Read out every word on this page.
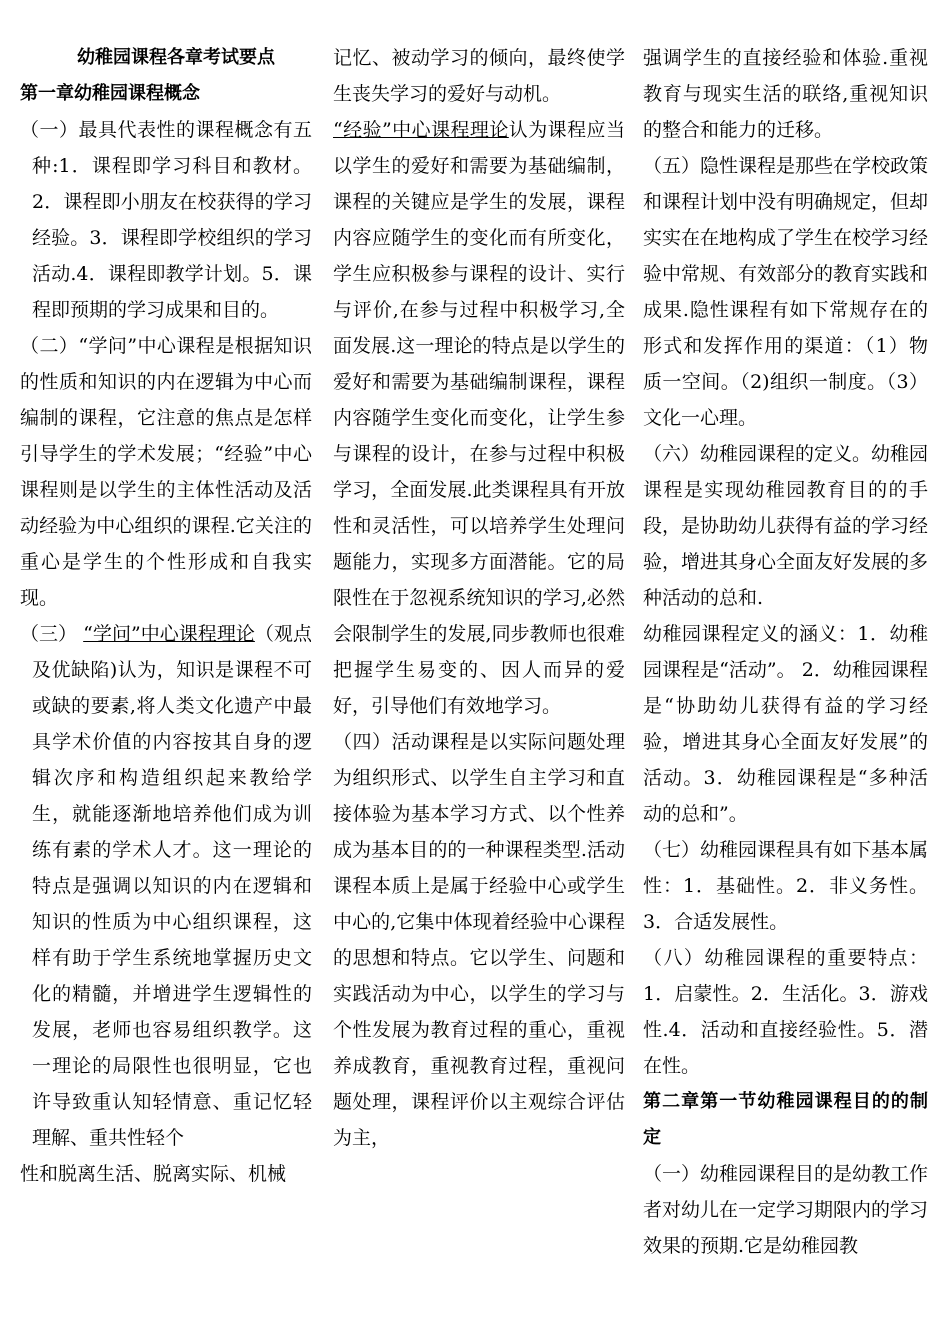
幼稚园课程各章考试要点

第一章幼稚园课程概念

（一）最具代表性的课程概念有五种:1．课程即学习科目和教材。2．课程即小朋友在校获得的学习经验。3．课程即学校组织的学习活动.4．课程即教学计划。5．课程即预期的学习成果和目的。

（二）“学问”中心课程是根据知识的性质和知识的内在逻辑为中心而编制的课程，它注意的焦点是怎样引导学生的学术发展；“经验”中心课程则是以学生的主体性活动及活动经验为中心组织的课程.它关注的重心是学生的个性形成和自我实现。

（三） “学问”中心课程理论（观点及优缺陷)认为，知识是课程不可或缺的要素,将人类文化遗产中最具学术价值的内容按其自身的逻辑次序和构造组织起来教给学生，就能逐渐地培养他们成为训练有素的学术人才。这一理论的特点是强调以知识的内在逻辑和知识的性质为中心组织课程，这样有助于学生系统地掌握历史文化的精髓，并增进学生逻辑性的发展，老师也容易组织教学。这一理论的局限性也很明显，它也许导致重认知轻情意、重记忆轻理解、重共性轻个

性和脱离生活、脱离实际、机械

记忆、被动学习的倾向，最终使学生丧失学习的爱好与动机。

“经验”中心课程理论认为课程应当以学生的爱好和需要为基础编制，课程的关键应是学生的发展，课程内容应随学生的变化而有所变化，学生应积极参与课程的设计、实行与评价,在参与过程中积极学习,全面发展.这一理论的特点是以学生的爱好和需要为基础编制课程，课程内容随学生变化而变化，让学生参与课程的设计，在参与过程中积极学习，全面发展.此类课程具有开放性和灵活性，可以培养学生处理问题能力，实现多方面潜能。它的局限性在于忽视系统知识的学习,必然会限制学生的发展,同步教师也很难把握学生易变的、因人而异的爱好，引导他们有效地学习。

（四）活动课程是以实际问题处理为组织形式、以学生自主学习和直接体验为基本学习方式、以个性养成为基本目的的一种课程类型.活动课程本质上是属于经验中心或学生中心的,它集中体现着经验中心课程的思想和特点。它以学生、问题和实践活动为中心，以学生的学习与个性发展为教育过程的重心，重视养成教育，重视教育过程，重视问题处理，课程评价以主观综合评估为主，

强调学生的直接经验和体验.重视教育与现实生活的联络,重视知识的整合和能力的迁移。

（五）隐性课程是那些在学校政策和课程计划中没有明确规定，但却实实在在地构成了学生在校学习经验中常规、有效部分的教育实践和成果.隐性课程有如下常规存在的形式和发挥作用的渠道：（1）物质一空间。（2)组织一制度。（3）文化一心理。

（六）幼稚园课程的定义。幼稚园课程是实现幼稚园教育目的的手段，是协助幼儿获得有益的学习经验，增进其身心全面友好发展的多种活动的总和.

幼稚园课程定义的涵义：1．幼稚园课程是“活动”。 2．幼稚园课程是“协助幼儿获得有益的学习经验，增进其身心全面友好发展”的活动。3．幼稚园课程是“多种活动的总和”。

（七）幼稚园课程具有如下基本属性：1．基础性。2．非义务性。3．合适发展性。

（八）幼稚园课程的重要特点：1．启蒙性。2．生活化。3．游戏性.4．活动和直接经验性。5．潜在性。

第二章第一节幼稚园课程目的的制定

（一）幼稚园课程目的是幼教工作者对幼儿在一定学习期限内的学习效果的预期.它是幼稚园教
